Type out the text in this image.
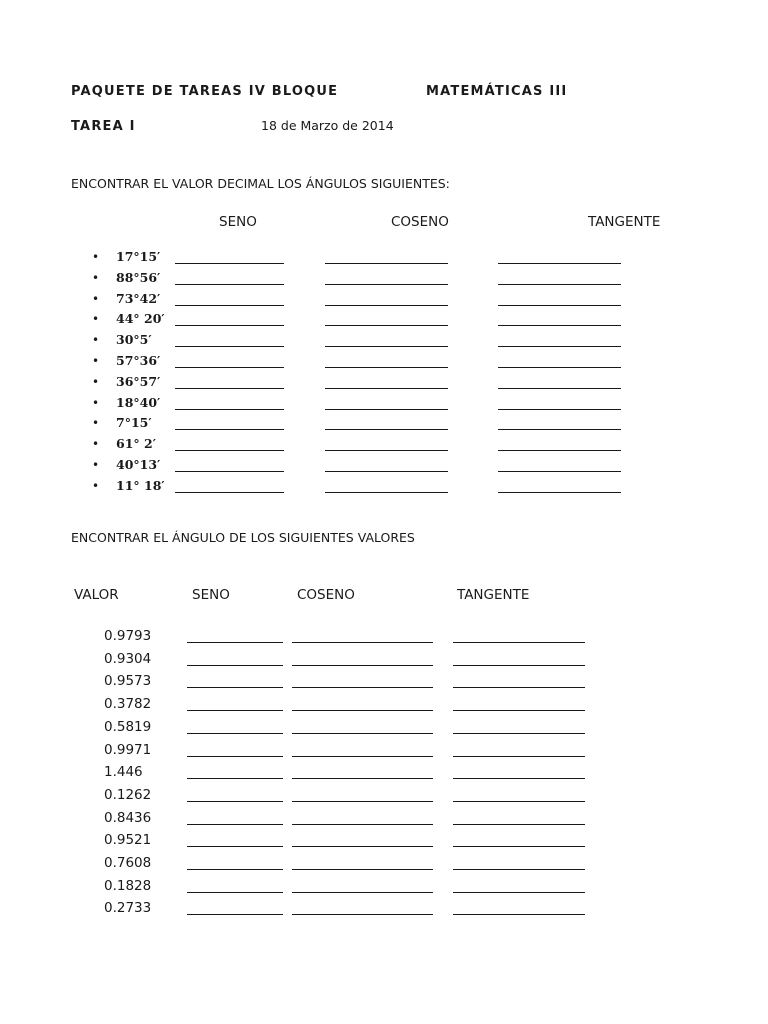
PAQUETE DE TAREAS IV BLOQUE	MATEMÁTICAS III
TAREA I	18 de Marzo de 2014
ENCONTRAR EL VALOR DECIMAL LOS ÁNGULOS SIGUIENTES:
SENO	COSENO	TANGENTE
• 17°15′
• 88°56′
• 73°42′
• 44° 20′
• 30°5′
• 57°36′
• 36°57′
• 18°40′
• 7°15′
• 61° 2′
• 40°13′
• 11° 18′
ENCONTRAR EL ÁNGULO DE LOS SIGUIENTES VALORES
VALOR	SENO	COSENO	TANGENTE
0.9793
0.9304
0.9573
0.3782
0.5819
0.9971
1.446
0.1262
0.8436
0.9521
0.7608
0.1828
0.2733
